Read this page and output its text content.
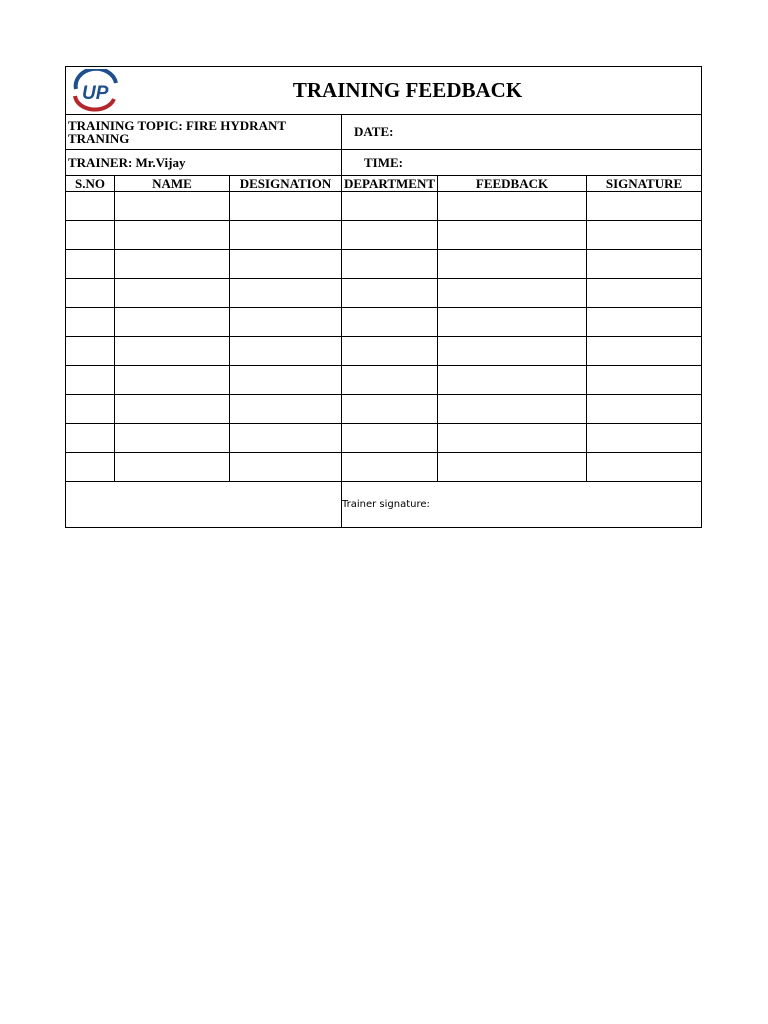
UP TRAINING FEEDBACK					

TRAINING TOPIC: FIRE HYDRANT TRANING			DATE:		
TRAINER: Mr.Vijay			TIME:		
S.NO	NAME	DESIGNATION	DEPARTMENT	FEEDBACK	SIGNATURE

			Trainer signature:		
